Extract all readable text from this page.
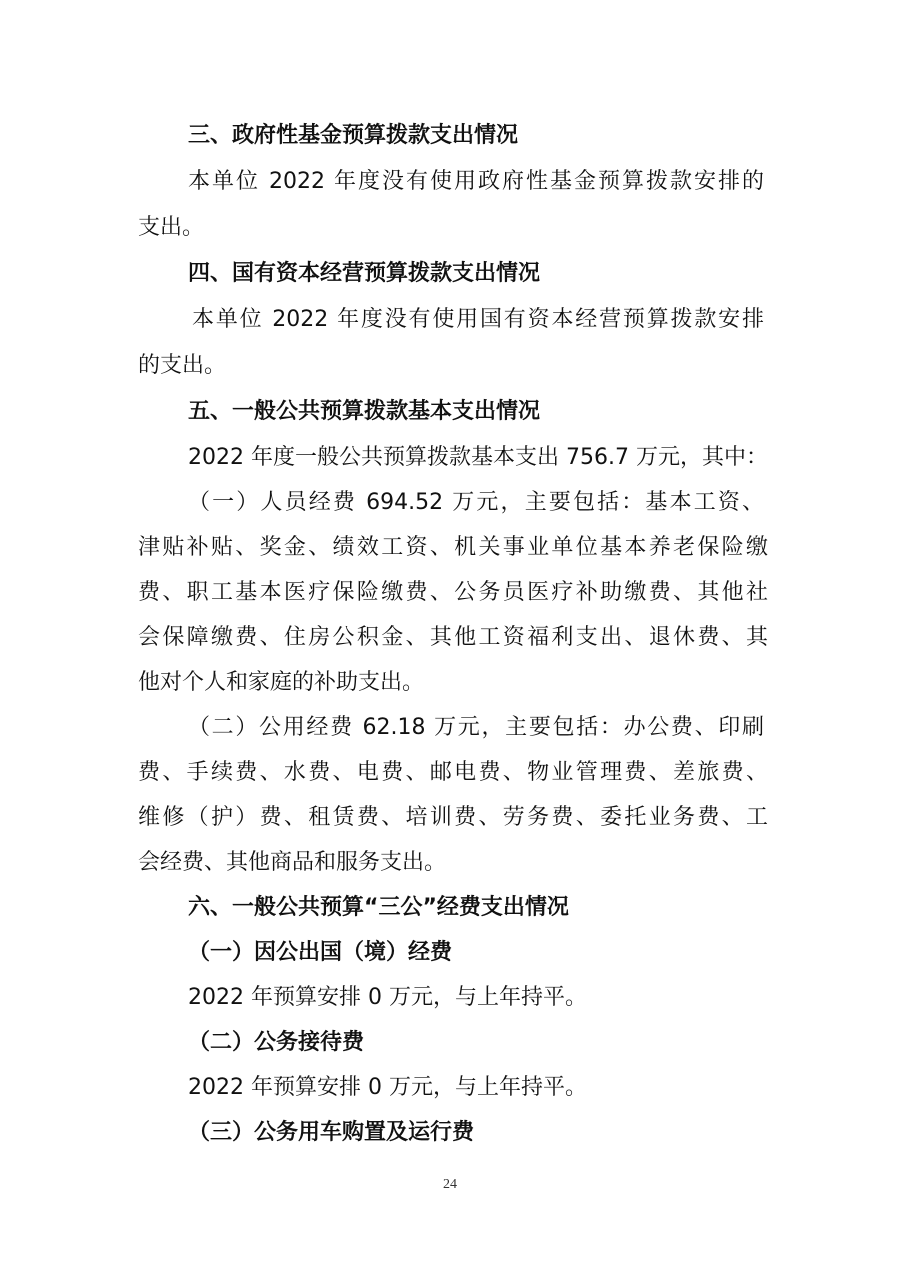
三、政府性基金预算拨款支出情况

本单位 2022 年度没有使用政府性基金预算拨款安排的

支出。

四、国有资本经营预算拨款支出情况

本单位 2022 年度没有使用国有资本经营预算拨款安排

的支出。

五、一般公共预算拨款基本支出情况

2022 年度一般公共预算拨款基本支出 756.7 万元，其中：

（一）人员经费 694.52 万元，主要包括：基本工资、

津贴补贴、奖金、绩效工资、机关事业单位基本养老保险缴

费、职工基本医疗保险缴费、公务员医疗补助缴费、其他社

会保障缴费、住房公积金、其他工资福利支出、退休费、其

他对个人和家庭的补助支出。

（二）公用经费 62.18 万元，主要包括：办公费、印刷

费、手续费、水费、电费、邮电费、物业管理费、差旅费、

维修（护）费、租赁费、培训费、劳务费、委托业务费、工

会经费、其他商品和服务支出。

六、一般公共预算“三公”经费支出情况

（一）因公出国（境）经费

2022 年预算安排 0 万元，与上年持平。

（二）公务接待费

2022 年预算安排 0 万元，与上年持平。

（三）公务用车购置及运行费

24
